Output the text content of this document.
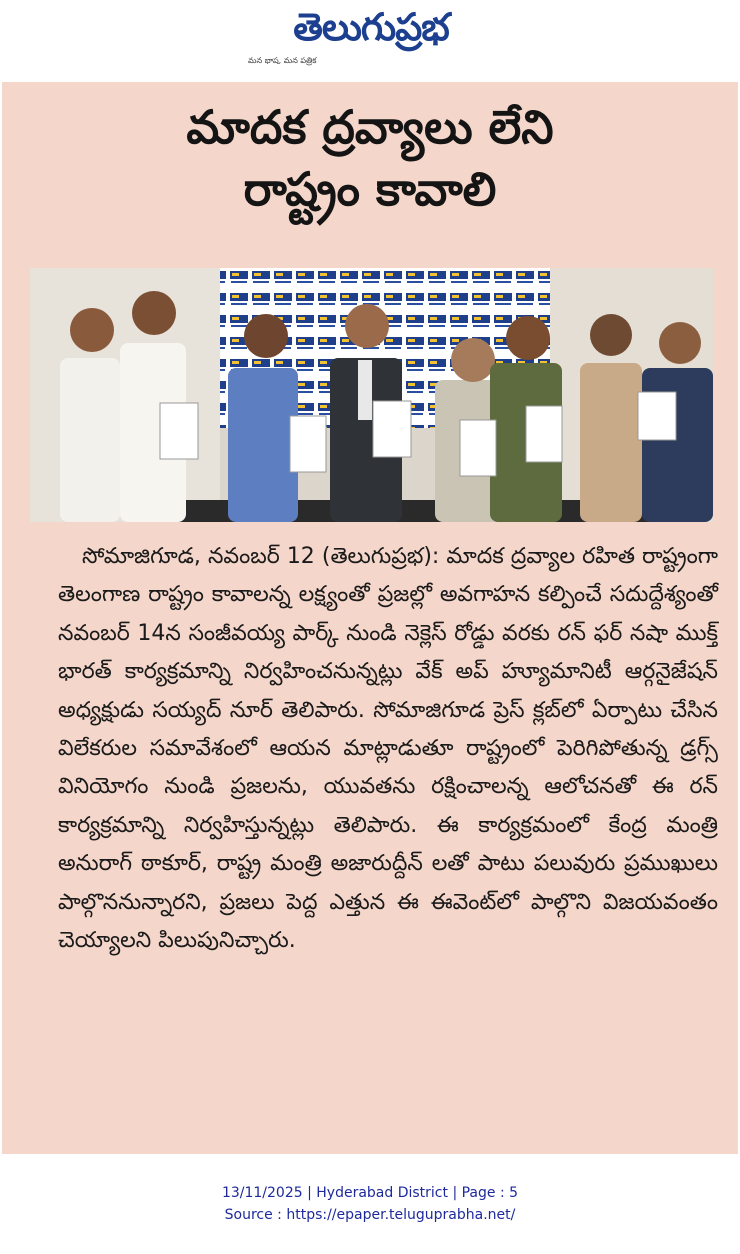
తెలుగుప్రభ
మన భాష, మన పత్రిక
మాదక ద్రవ్యాలు లేని
రాష్ట్రం కావాలి
సోమాజిగూడ, నవంబర్ 12 (తెలుగుప్రభ): మాదక ద్రవ్యాల రహిత రాష్ట్రంగా తెలంగాణ రాష్ట్రం కావాలన్న లక్ష్యంతో ప్రజల్లో అవగాహన కల్పించే సదుద్దేశ్యంతో నవంబర్ 14న సంజీవయ్య పార్క్ నుండి నెక్లెస్ రోడ్డు వరకు రన్ ఫర్ నషా ముక్త్ భారత్ కార్యక్రమాన్ని నిర్వహించనున్నట్లు వేక్ అప్ హ్యూమానిటీ ఆర్గనైజేషన్ అధ్యక్షుడు సయ్యద్ నూర్ తెలిపారు. సోమాజిగూడ ప్రెస్ క్లబ్‌లో ఏర్పాటు చేసిన విలేకరుల సమావేశంలో ఆయన మాట్లాడుతూ రాష్ట్రంలో పెరిగిపోతున్న డ్రగ్స్ వినియోగం నుండి ప్రజలను, యువతను రక్షించాలన్న ఆలోచనతో ఈ రన్ కార్యక్రమాన్ని నిర్వహిస్తున్నట్లు తెలిపారు. ఈ కార్యక్రమంలో కేంద్ర మంత్రి అనురాగ్ ఠాకూర్, రాష్ట్ర మంత్రి అజారుద్దీన్ లతో పాటు పలువురు ప్రముఖులు పాల్గొననున్నారని, ప్రజలు పెద్ద ఎత్తున ఈ ఈవెంట్‌లో పాల్గొని విజయవంతం చెయ్యాలని పిలుపునిచ్చారు.
13/11/2025 | Hyderabad District | Page : 5
Source : https://epaper.teluguprabha.net/
